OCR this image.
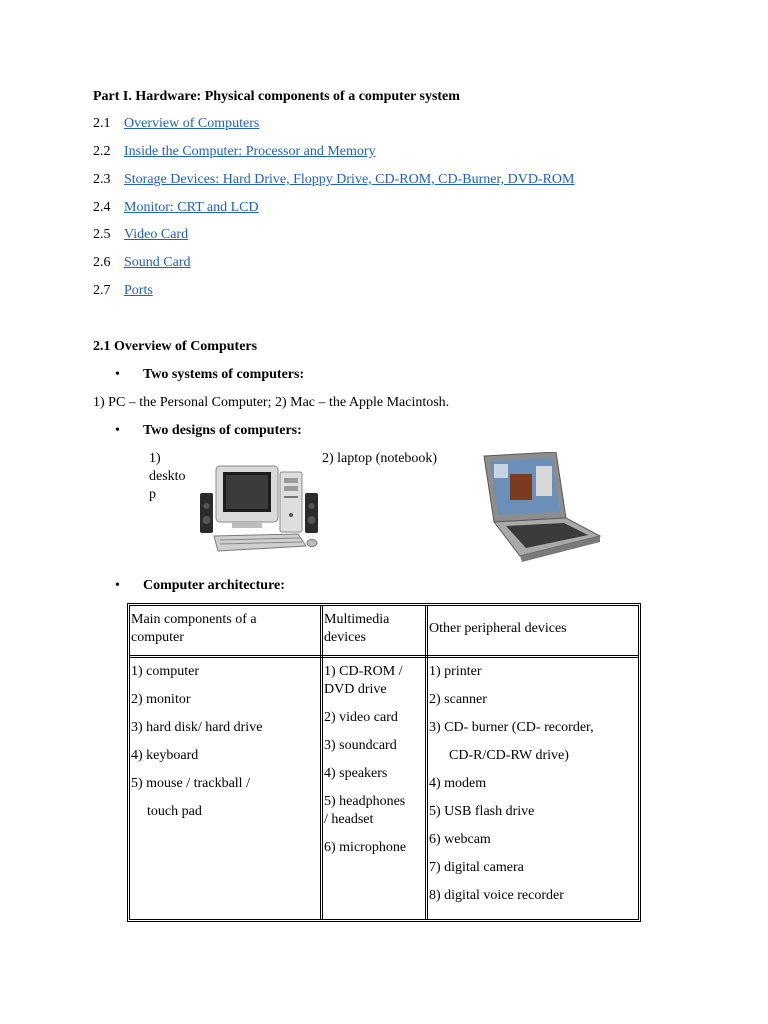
Part I. Hardware: Physical components of a computer system
2.1 Overview of Computers
2.2 Inside the Computer: Processor and Memory
2.3 Storage Devices: Hard Drive, Floppy Drive, CD-ROM, CD-Burner, DVD-ROM
2.4 Monitor: CRT and LCD
2.5 Video Card
2.6 Sound Card
2.7 Ports
2.1 Overview of Computers
• Two systems of computers:
1) PC – the Personal Computer; 2) Mac – the Apple Macintosh.
• Two designs of computers:
1)
deskto
p
2) laptop (notebook)
• Computer architecture:
Main components of a
computer
Multimedia
devices
Other peripheral devices
1) computer
2) monitor
3) hard disk/ hard drive
4) keyboard
5) mouse / trackball /
touch pad
1) CD-ROM /
DVD drive
2) video card
3) soundcard
4) speakers
5) headphones
/ headset
6) microphone
1) printer
2) scanner
3) CD- burner (CD- recorder,
CD-R/CD-RW drive)
4) modem
5) USB flash drive
6) webcam
7) digital camera
8) digital voice recorder
